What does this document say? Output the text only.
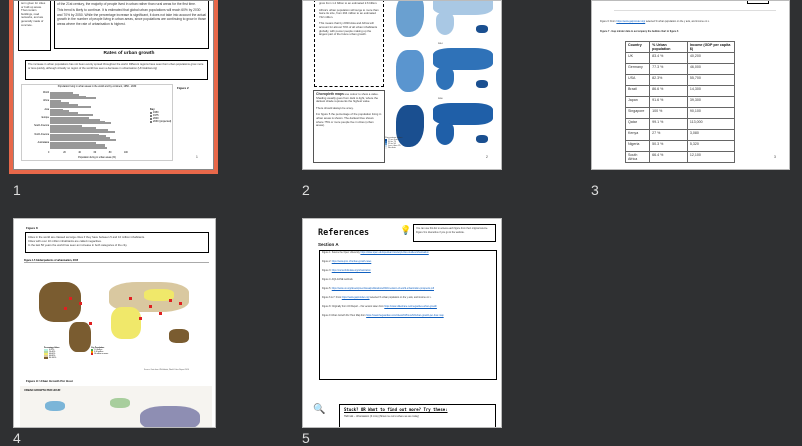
term given for cities or built up areas. That contain buildings, road networks, and are generally made of concrete.
of the 21st century, the majority of people lived in urban rather than rural areas for the first time.
This trend is likely to continue. It is estimated that global urban populations will reach 60% by 2030 and 70% by 2050. While the percentage increase is significant, it does not take into account the actual growth in the number of people living in urban areas, since populations are continuing to grow in those areas where the rate of urbanisation is highest.
Rates of urban growth
The increase in urban populations has not been evenly spread throughout the world. Different regions have seen their urban populations grow more or less quickly, although virtually no region of the world has seen a decrease in urbanisation (UN Habitat.org)
Population living in urban areas in the world and by continent, 1950 - 2030
World
Africa
Asia
Europe
South America
North America
Australasia
0	20	40	60	80	100
Population living in urban areas (%)
Key
1950
1975
2000
2030 (projected)
Figure 2
1
1
grow from 1.4 billion to an estimated 2.6 billion.
Africa's urban population will surge to more than twice its size, from 294 million to an estimated 742 million.
This means that by 2030 Asia and Africa will account for almost 70% of all urban inhabitants globally, with poorer people making up the largest part of the future urban growth.
Choropleth maps use colour to show a value. Shading usually goes from dark to light, where the darkest shade represents the highest value.
There should always be a key.
For figure 5 the percentage of the population living in urban areas is shown. The darkest blue shows where 75% or more people live in cities (urban areas).
2014
2050
Percentage urban
75 or over
50 to 75
25 to 50
Less than 25
No data
2
2
Figure 6: From https://www.gapminder.org/ selected % urban population on the y axis, and income on x.
Figure 7 - Gap minder data to accompany the bubble chart in figure 6
Country	% Urban population	Income (GDP per capita $)
UK	83.4 %	40,200
Germany	77.3 %	46,000
USA	82.3%	55,700
Brazil	86.6 %	14,300
Japan	91.6 %	39,300
Singapore	100 %	90,100
Qatar	99.1 %	113,000
Kenya	27 %	3,080
Nigeria	50.3 %	5,320
South Africa	66.4 %	12,100	3
3
Figure 8
Cities in the world are classed as large cities if they have between 5 and 10 million inhabitants.
Cities with over 10 million inhabitants are called megacities.
In the last 50 years the world has seen an increase in both categories of the city.
Figure 1.5 Global patterns of urbanisation, 2015
Source: Data from UN-Habitat, World Cities Report 2016
Percentage Urban
0-20%
20-40%
40-60%
60-80%
80-100%
City Population
1-5 million
5-10 million
10 million or more
Figure 9: Urban Growth Per Hour
URBAN GROWTH PER HOUR
4
References	💡	You can use this list to access each figure from their original source. Figure 9 is interactive if you go to the website.
Section A
Figure 1: Source the Open University https://www.open.edu/openlearn/society/urban-studies/urbanisation
Figure 2: https://www.ipcc.ch/urban-growth-rates
Figure 3: https://ourworldindata.org/urbanization
Figure 4: AQA GCSE textbook
Figure 5: https://www.un.org/development/desa/publications/2018-revision-of-world-urbanization-prospects.pdf
Figure 6 & 7: From https://www.gapminder.org/ selected % urban population on the y axis, and income on x.
Figure 8: Originally from UN Report – this version taken from https://www.slideshare.net/megacities-urban-growth
Figure 9 Urban Growth Per Hour Map from https://www.theguardian.com/cities/2015/nov/18/urban-growth-per-hour-map
🔍	Stuck? OR Want to find out more? Try these:
TED talk – Urbanisation (6 mins) (Show me out to where we are today)
5
